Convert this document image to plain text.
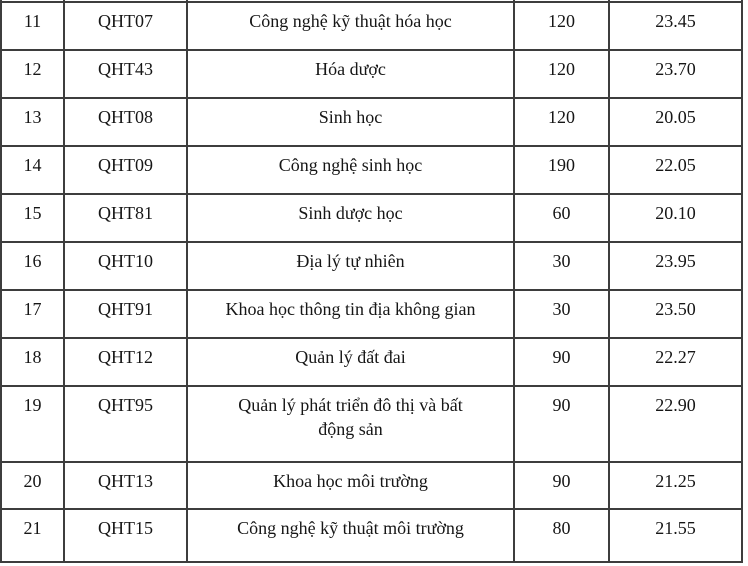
11	QHT07	Công nghệ kỹ thuật hóa học	120	23.45
12	QHT43	Hóa dược	120	23.70
13	QHT08	Sinh học	120	20.05
14	QHT09	Công nghệ sinh học	190	22.05
15	QHT81	Sinh dược học	60	20.10
16	QHT10	Địa lý tự nhiên	30	23.95
17	QHT91	Khoa học thông tin địa không gian	30	23.50
18	QHT12	Quản lý đất đai	90	22.27
19	QHT95	Quản lý phát triển đô thị và bất động sản	90	22.90
20	QHT13	Khoa học môi trường	90	21.25
21	QHT15	Công nghệ kỹ thuật môi trường	80	21.55
